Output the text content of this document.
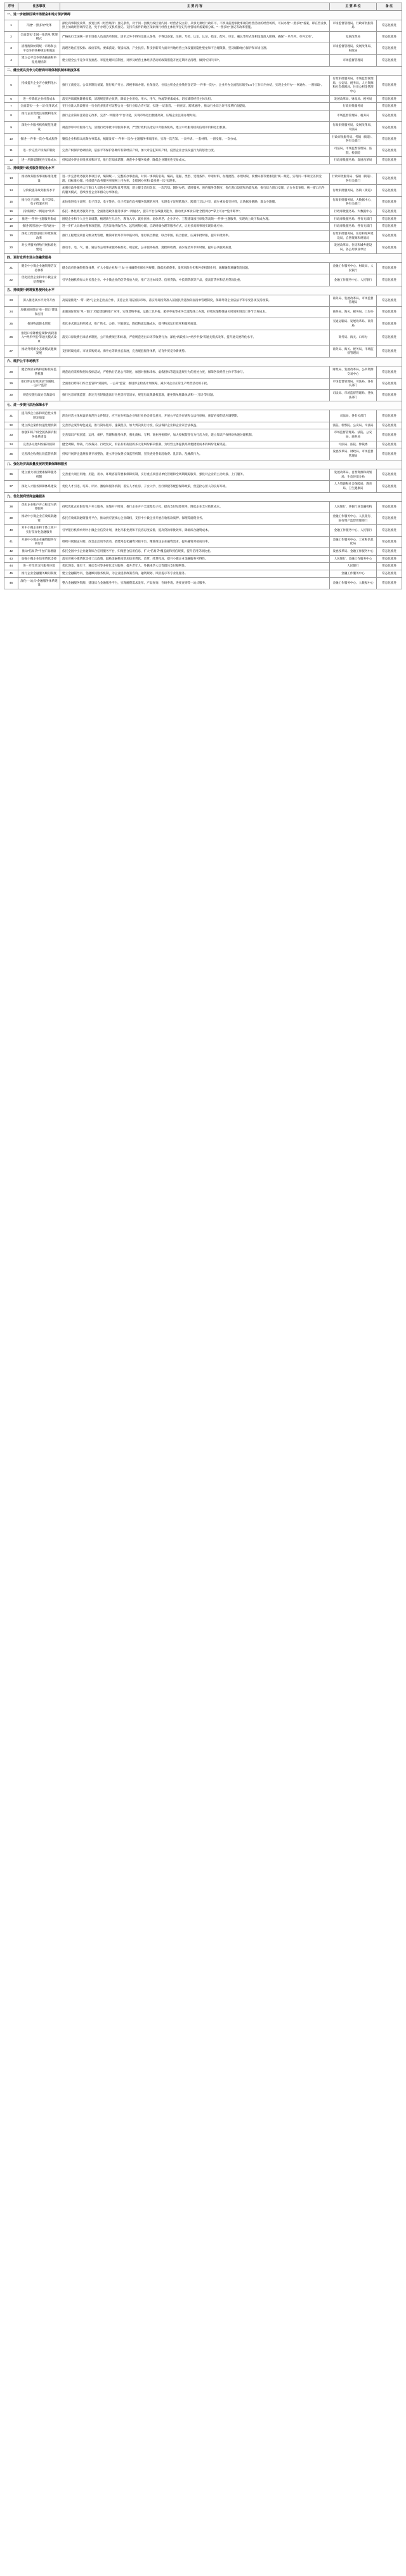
序号	任务事项	主 要 内 容	主 要 单 位	备 注
一、进一步破除区域市场壁垒和地方保护障碍				
1	开展"一照多址"改革	深化商事制度改革，放宽住所（经营场所）登记条件，对于同一县级行政区划内同一经营者设立的，从事无须经行政许可、不涉及前置审批事项的经营活动的经营场所，可以办理"一照多址"备案，即在营业执照上加载经营场所信息，免于办理分支机构登记。支持有条件的地区探索推行经营主体住所登记与经营场所备案相分离、"一照多址"登记等改革措施。	市场监督管理局、行政审批服务局	常态化推进
2	全面落实"全国一张清单"管理模式	严格执行全国统一的市场准入负面清单制度，清单之外不得另设准入条件，不得以备案、注册、年检、认定、认证、指定、配号、审定、确认等形式变相设置准入障碍，确保"一单尽列、单外无单"。	发展改革局	常态化推进
3	清理废除妨碍统一市场和公平竞争的各种规定和做法	清理各地在招投标、政府采购、要素获取、资质标准、产业扶持、科技创新等方面对外地经营主体设置的隐性壁垒和不合理限制，坚决破除地方保护和市场分割。	市场监督管理局、发展改革局、财政局	常态化推进
4	建立公平竞争审查抽查和举报处理机制	建立健全公平竞争审查抽查、举报处理回应制度，对涉及经营主体经济活动的政策措施开展定期评估清理，做到"应审尽审"。	市场监督管理局	常态化推进
二、健全更具竞争力的营商环境体制机制和制度体系				
5	持续提升企业开办便利化水平	推行工商登记、公章刻制及备案、银行账户开立、涉税事项办理、社保登记、住房公积金企业缴存登记等"一件事一次办"，企业开办全流程压缩至0.5个工作日内办结，实现企业开办"一网通办、一窗领取"。	行政审批服务局、市场监督管理局、公安局、税务局、人力资源和社会保障局、住房公积金管理中心	常态化推进
6	进一步降低企业经营成本	落实各项减税降费政策，清理规范涉企收费，降低企业用电、用水、用气、物流等要素成本，切实减轻经营主体负担。	发展改革局、财政局、税务局	常态化推进
7	全面落实"一业一证"改革试点	在行业准入阶段将同一行业的多张许可证整合为一张行业综合许可证，实现"一证准营、一码亮证、跨域通用"，推动行业综合许可改革扩面提质。	行政审批服务局	常态化推进
8	推行企业变更注销便利化改革	推行企业简易注销登记改革，完善"一网服务"平台功能，实现市场退出便捷高效，压缩企业注销办理时间。	市场监督管理局、税务局	常态化推进
9	深化中介服务机构规范化建设	规范涉审中介服务行为，清理行政审批中介服务事项，严禁行政机关指定中介服务机构，建立中介服务机构信用评价和退出机制。	行政审批服务局、发展改革局、司法局	常态化推进
10	推进"一件事一次办"集成服务	聚焦企业和群众高频办事需求，梳理发布"一件事一次办"主题服务事项清单，实现一次告知、一表申请、一套材料、一窗受理、一次办成。	行政审批服务局、各镇（街道）、各有关部门	常态化推进
11	进一步完善产权保护制度	完善产权保护协调机制，依法平等保护各种所有制经济产权，加大对侵犯知识产权、侵害企业合法权益行为的惩治力度。	司法局、市场监督管理局、法院、检察院	常态化推进
12	进一步降低制度性交易成本	持续减少涉企审批事项和环节，推行告知承诺制，规范中介服务收费，降低企业制度性交易成本。	行政审批服务局、发展改革局	常态化推进
三、持续提升政务服务规范化水平				
13	推动政务服务事项标准化建设	进一步完善政务服务事项目录，编制统一、完整的办事指南，对同一事项的名称、编码、依据、类型、受理条件、申请材料、办理流程、办理时限、收费标准等要素进行统一规范，实现同一事项无差别受理、同标准办理。持续提升政务服务事项网上可办率、全程网办率和"最多跑一次"实现率。	行政审批服务局、各镇（街道）、各有关部门	常态化推进
14	分阶段提升政务服务水平	加强对政务服务大厅窗口人员的业务培训和日常管理，建立健全首问负责、一次告知、限时办结、延时服务、预约服务等制度，优化窗口设置和功能布局，推行综合窗口受理、后台分类审批、统一窗口出件的服务模式，持续改善企业和群众办事体验。	行政审批服务局、各镇（街道）	常态化推进
15	推行电子证照、电子印章、电子档案应用	加快推进电子证照、电子印章、电子签名、电子档案在政务服务领域的应用，实现电子证照跨地区、跨部门互认共享，减少重复提交材料，让数据多跑路、群众少跑腿。	行政审批服务局、大数据中心、各有关部门	常态化推进
16	持续深化"一网通办"改革	依托一体化政务服务平台，全面推进政务服务事项"一网通办"，提升平台在线服务能力，推动更多事项实现"全程网办""掌上可办""免申即享"。	行政审批服务局、大数据中心	常态化推进
17	推进"一件事"主题服务集成	围绕企业和个人全生命周期，梳理新生儿出生、教育入学、就业创业、退休养老、企业开办、工程建设项目审批等高频"一件事"主题服务，实现线上线下集成办理。	行政审批服务局、各有关部门	常态化推进
18	推进"跨省通办""省内通办"	进一步扩大异地办理事项范围，完善异地代收代办、远程视频办理、自助终端办理等服务方式，让更多高频事项实现异地可办。	行政审批服务局、各有关部门	常态化推进
19	深化工程建设项目审批制度改革	推行工程建设项目分级分类管理，精简审批环节和申报材料，推行联合勘验、联合审图、联合验收，压减审批时限，提升审批效率。	行政审批服务局、住房和城乡建设局、自然资源和规划局	常态化推进
20	对公共服务供给开展标准化建设	推动水、电、气、暖、通信等公用事业服务标准化、规范化，公开服务标准、流程和收费，减少报装环节和时限，提升公共服务质量。	发展改革局、住房和城乡建设局、各公用事业单位	常态化推进
四、更好发挥市场主体融资服务				
21	健全中小微企业融资增信支持体系	健全政府性融资担保体系，扩大小微企业和"三农"主体融资担保业务规模，降低担保费率，发挥风险分担和补偿机制作用，缓解融资难融资贵问题。	金融工作服务中心、财政局、人民银行	常态化推进
22	优化民营企业和中小微企业信贷服务	引导金融机构加大对民营企业、中小微企业的信贷投放力度，推广无还本续贷、信用贷款、中长期贷款等产品，提高首贷率和信用贷款比重。	金融工作服务中心、人民银行	常态化推进
五、持续提升跨境贸易便利化水平				
23	深入推进高水平对外开放	高质量推进"一带一路"与企业走出去合作，支持企业开拓国际市场，落实外商投资准入前国民待遇加负面清单管理制度，保障外资企业依法平等享受各项支持政策。	商务局、发展改革局、市场监督管理局	常态化推进
24	加强国际贸易"单一窗口"建设和应用	加强国际贸易"单一窗口"功能建设和推广应用，实现货物申报、运输工具申报、舱单申报等业务全流程线上办理，持续压缩整体通关时间和进出口环节合规成本。	商务局、海关、税务局、口岸办	常态化推进
25	推进物流降本增效	优化多式联运组织模式，推广铁水、公铁、空陆联运，降低物流运输成本，提升物流运行效率和服务质量。	交通运输局、发展改革局、商务局	常态化推进
26	推进口岸降费提效和"两段准入""两步申报"等通关模式改革	落实口岸收费目录清单制度，公开收费项目和标准，严格规范进出口环节收费行为；深化"两段准入""两步申报"等通关模式改革，提升通关便利化水平。	商务局、海关、口岸办	常态化推进
27	推动外贸新业态新模式健康发展	支持跨境电商、市场采购贸易、海外仓等新业态发展，完善配套服务体系，培育外贸竞争新优势。	商务局、海关、税务局、市场监督管理局	常态化推进
六、维护公平市场秩序				
28	健全政府采购和招标投标监管机制	规范政府采购和招标投标活动，严格执行信息公开制度，加强对围标串标、虚假招标等违法违规行为的查处力度，保障各类经营主体平等参与。	财政局、发展改革局、公共资源交易中心	常态化推进
29	推行涉企行政执法"双随机、一公开"监管	全面推行跨部门综合监管和"双随机、一公开"监管，推进涉企检查计划统筹，减少对企业正常生产经营活动的干扰。	市场监督管理局、司法局、各有关部门	常态化推进
30	规范实施行政处罚裁量权	推行包容审慎监管，制定完善轻微违法行为免罚轻罚清单，规范行政裁量权基准，避免简单粗暴执法和"一刀切"等问题。	司法局、市场监督管理局、各执法部门	常态化推进
七、进一步提升法治保障水平				
31	提升涉企立法和规范性文件制定质量	涉及经营主体权益的规范性文件制定，应当充分听取企业和行业协会商会意见，开展公平竞争审查和合法性审核，预留必要的适应调整期。	司法局、各有关部门	常态化推进
32	建立涉企案件快速处理机制	完善涉企案件绿色通道，推行简易程序、速裁程序，加大判决执行力度，依法保护企业和企业家合法权益。	法院、检察院、公安局、司法局	常态化推进
33	加强知识产权全链条保护服务体系建设	完善知识产权创造、运用、保护、管理和服务体系，强化商标、专利、商业秘密保护，加大侵权假冒行为打击力度，建立知识产权纠纷快速处理机制。	市场监督管理局、法院、公安局、商务局	常态化推进
34	完善多元化纠纷解决机制	健全调解、仲裁、行政裁决、行政复议、诉讼有机衔接的多元化纠纷解决机制，为经营主体提供高效便捷低成本的纠纷化解渠道。	司法局、法院、仲裁委	常态化推进
35	完善涉企收费长效监管机制	持续开展涉企违规收费专项整治，建立涉企收费长效监管机制，坚决查处各类乱收费、乱罚款、乱摊派行为。	发展改革局、财政局、市场监督管理局	常态化推进
八、强化经济高质量发展的要素保障和服务				
36	建立重大项目要素保障服务机制	完善重大项目用地、用能、用水、环境容量等要素保障机制，实行重点项目清单化管理和全周期跟踪服务，强化对企业的主动对接、上门服务。	发展改革局、自然资源和规划局、生态环境分局	常态化推进
37	深化人才服务保障体系建设	优化人才引进、培养、评价、激励和服务机制，落实人才住房、子女入学、医疗保健等配套保障政策，营造拴心留人的良好环境。	人力资源和社会保障局、教育局、卫生健康局	常态化推进
九、优化便利营商金融服务				
38	优化企业账户开立和支付结算服务	持续优化企业银行账户开立服务，压缩开户时间，推行企业开户全流程电子化，提高支付结算效率，降低企业支付结算成本。	人民银行、各银行业金融机构	常态化推进
39	推动中小微企业应收账款融资	依托应收账款融资服务平台，推动供应链核心企业确权，支持中小微企业开展应收账款质押、保理等融资业务。	金融工作服务中心、人民银行、国有资产监督管理部门	常态化推进
40	对中小微企业和个体工商户实行差异化金融服务	引导银行机构单列中小微企业信贷计划，优化尽职免责和不良容忍度安排，提高贷款审批效率，降低综合融资成本。	金融工作服务中心、人民银行	常态化推进
41	开展中小微企业融资服务专项行动	组织开展银企对接、政金企洽谈等活动，搭建常态化融资对接平台，精准推送企业融资需求，提升融资对接成功率。	金融工作服务中心、工业和信息化局	常态化推进
42	推动"信易贷"平台扩面增量	依托全国中小企业融资综合信用服务平台，归集整合信用信息，扩大"信易贷"覆盖面和授信规模，提升信用贷款比重。	发展改革局、金融工作服务中心	常态化推进
43	加强小微企业信用贷款支持	落实普惠小微贷款支持工具政策，鼓励金融机构增加信用贷款、首贷、续贷投放，提升小微企业金融服务可得性。	人民银行、金融工作服务中心	常态化推进
44	进一步改善支付服务环境	优化现金、银行卡、移动支付等多样化支付服务，提升老年人、外籍来华人员等群体支付便利性。	人民银行	常态化推进
45	推行企业金融服务顾问制度	建立金融辅导员、金融顾问服务机制，为企业提供政策咨询、融资规划、风险提示等专业化服务。	金融工作服务中心	常态化推进
46	深化"一站式"金融服务体系建设	整合金融服务资源，建设综合金融服务平台，实现融资需求发布、产品查询、在线申请、进度查询等一站式服务。	金融工作服务中心、大数据中心	常态化推进
